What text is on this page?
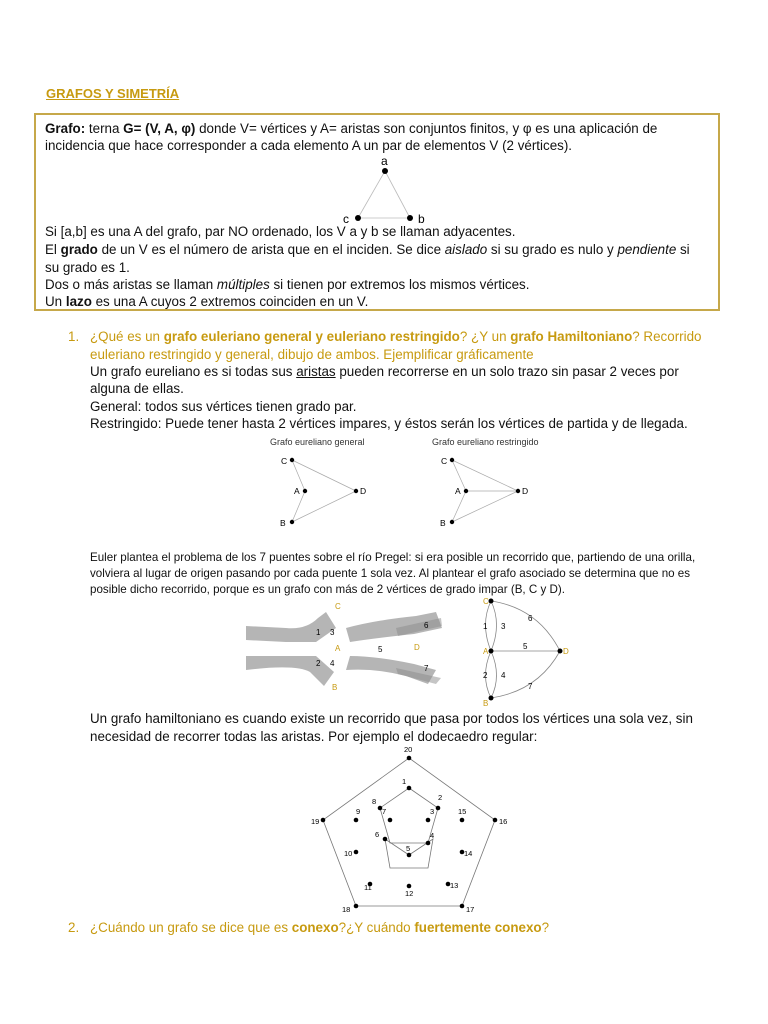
GRAFOS Y SIMETRÍA
Grafo: terna G= (V, A, φ) donde V= vértices y A= aristas son conjuntos finitos, y φ es una aplicación de
incidencia que hace corresponder a cada elemento A un par de elementos V (2 vértices).
a
c	b
Si [a,b] es una A del grafo, par NO ordenado, los V a y b se llaman adyacentes.
El grado de un V es el número de arista que en el inciden. Se dice aislado si su grado es nulo y pendiente si
su grado es 1.
Dos o más aristas se llaman múltiples si tienen por extremos los mismos vértices.
Un lazo es una A cuyos 2 extremos coinciden en un V.
1. ¿Qué es un grafo euleriano general y euleriano restringido? ¿Y un grafo Hamiltoniano? Recorrido
euleriano restringido y general, dibujo de ambos. Ejemplificar gráficamente
Un grafo eureliano es si todas sus aristas pueden recorrerse en un solo trazo sin pasar 2 veces por
alguna de ellas.
General: todos sus vértices tienen grado par.
Restringido: Puede tener hasta 2 vértices impares, y éstos serán los vértices de partida y de llegada.
Grafo eureliano general	Grafo eureliano restringido
C
A	D
B
C
A	D
B
Euler plantea el problema de los 7 puentes sobre el río Pregel: si era posible un recorrido que, partiendo de una orilla, volviera al lugar de origen pasando por cada puente 1 sola vez. Al plantear el grafo asociado se determina que no es posible dicho recorrido, porque es un grafo con más de 2 vértices de grado impar (B, C y D).
1
2
3
4
5
6
7
C
A	D
B
C
A	D
B
1
2
3
4
5
6
7
Un grafo hamiltoniano es cuando existe un recorrido que pasa por todos los vértices una sola vez, sin necesidad de recorrer todas las aristas. Por ejemplo el dodecaedro regular:
1
2
3
4
5
6
7
8
9
10
11
12
13
14
15
16
17
18
19
20
2. ¿Cuándo un grafo se dice que es conexo?¿Y cuándo fuertemente conexo?
